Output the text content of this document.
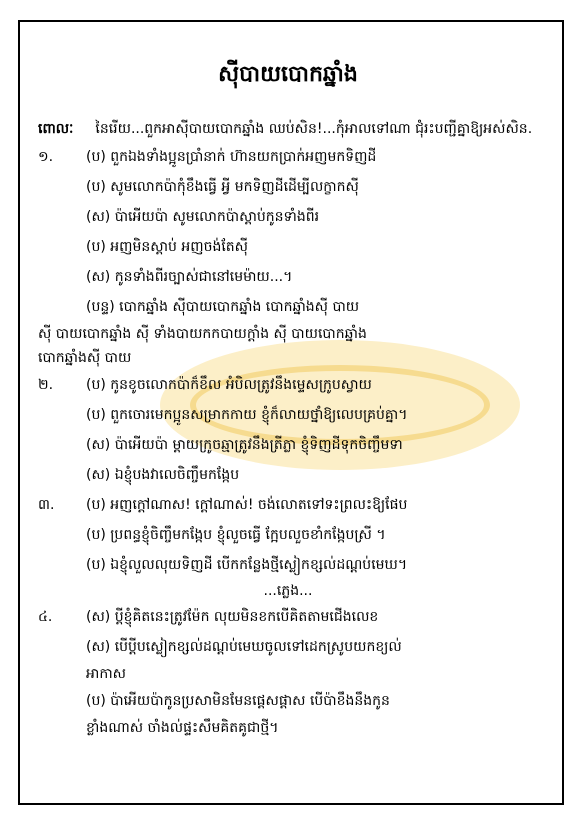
ស៊ីបាយបោកឆ្នាំង
ពោលៈ នៃរើយ...ពួកអាស៊ីបាយបោកឆ្នាំង ឈប់សិន!...កុំអាលទៅណា ជុំរះបញ្ជីគ្នាឱ្យអស់សិន.
១. (ប) ពួកឯងទាំងប្អូនប្រាំនាក់ ហ៊ានយកប្រាក់អញមកទិញដី
(ប) សូមលោកប៉ាកុំខឹងធ្វើ អ្វី មកទិញដីដើម្បីលក្ខាកស៊ី
(ស) ប៉ាអើយប៉ា សូមលោកប៉ាស្ដាប់កូនទាំងពីរ
(ប) អញមិនស្ដាប់ អញចង់តែស៊ី
(ស) កូនទាំងពីរច្បាស់ជានៅមេម៉ាយ...។
(បន្ទ) បោកឆ្នាំង ស៊ីបាយបោកឆ្នាំង បោកឆ្នាំងស៊ី បាយ
ស៊ី បាយបោកឆ្នាំង ស៊ី ទាំងបាយកកបាយក្ដាំង ស៊ី បាយបោកឆ្នាំង
បោកឆ្នាំងស៊ី បាយ
២. (ប) កូនខូចលោកប៉ាក៏ខឹល អំបិលត្រូវនឹងម្ទេសក្រូបស្វាយ
(ប) ពួកចោរមេកប្អូនសម្រាកកាយ ខ្ញុំក៏លាយថ្នាំឱ្យលេបគ្រប់គ្នា។
(ស) ប៉ាអើយប៉ា ម្ដាយក្រូចឆ្មាត្រូវនឹងត្រីភ្លា ខ្ញុំទិញដីទុកចិញ្ចឹមទា
(ស) ឯខ្ញុំបងវាលេចិញ្ចឹមកង្កែប
៣. (ប) អញក្ដៅណាស! ក្ដៅណាស់! ចង់លោតទៅទះព្រលះឱ្យផែប
(ប) ប្រពន្ធខ្ញុំចិញ្ចឹមកង្កែប ខ្ញុំលួចធ្វើ ក្អែបលួចខាំកង្កែបស្រី ។
(ប) ឯខ្ញុំលួលលុយទិញដី បើកកន្លែងថ្មីស្លៀកខ្សល់ដណ្ដប់មេឃ។
...ភ្លេង...
៤. (ស) ប្ដីខ្ញុំគិតនេះត្រូវម៉ែក លុយមិនខកបើគិតតាមជើងលេខ
(ស) បើប្ដីបស្លៀកខ្សល់ដណ្ដប់មេឃចូលទៅដេកស្រូបយកខ្យល់
អាកាស
(ប) ប៉ាអើយប៉ាកូនប្រសាមិនមែនផ្ដេសផ្ដាស បើប៉ាខឹងនឹងកូន
ខ្លាំងណាស់ ចាំងល់ផ្ទះសឹមគិតគូជាថ្មី។
